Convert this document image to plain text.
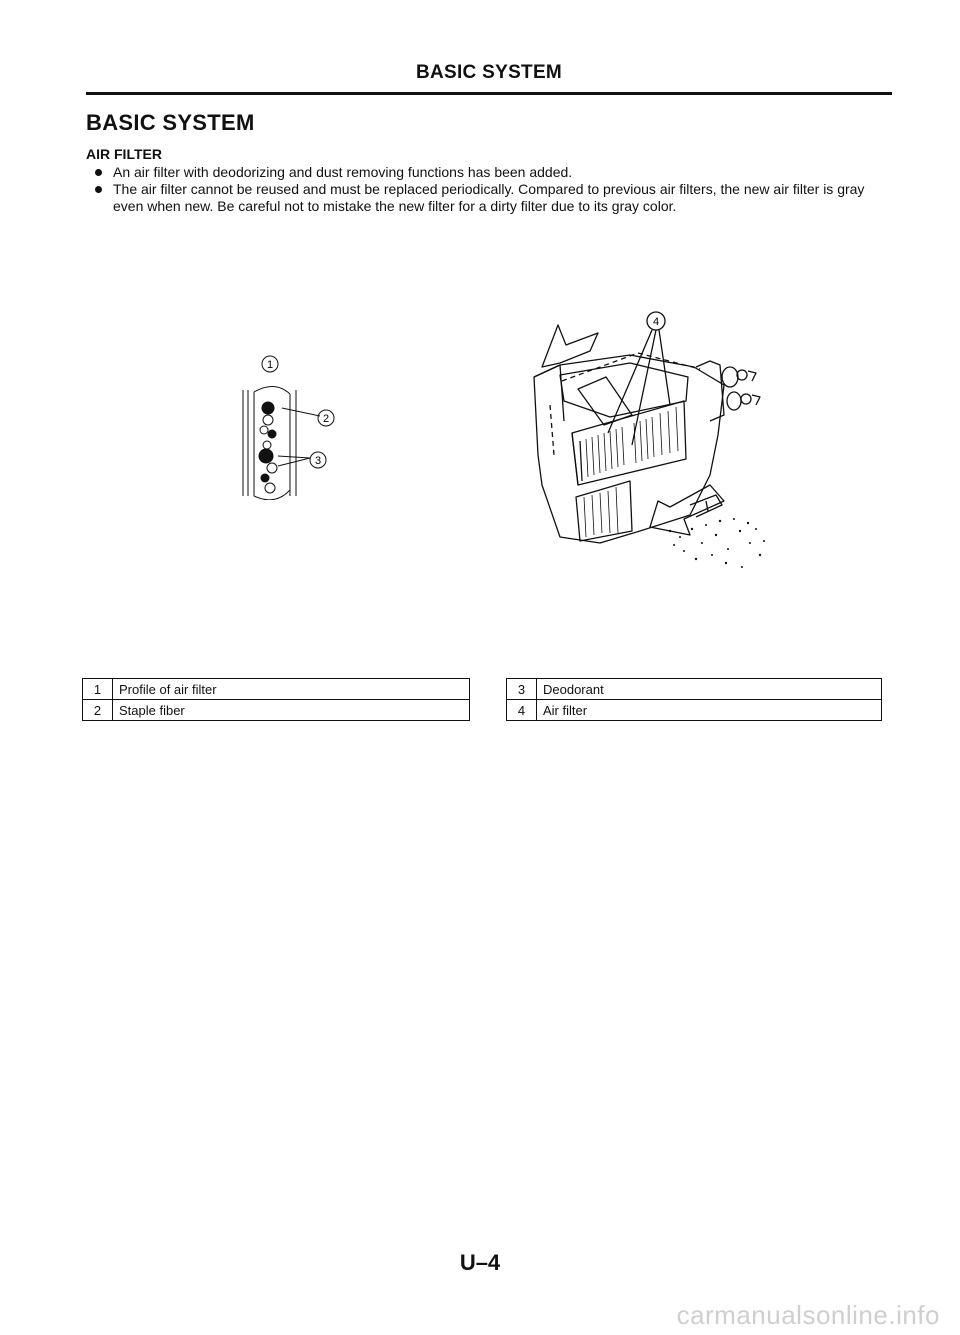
BASIC SYSTEM
BASIC SYSTEM
AIR FILTER
An air filter with deodorizing and dust removing functions has been added.
The air filter cannot be reused and must be replaced periodically. Compared to previous air filters, the new air filter is gray even when new. Be careful not to mistake the new filter for a dirty filter due to its gray color.
1
2
3
4
1	Profile of air filter
2	Staple fiber
3	Deodorant
4	Air filter
U–4
carmanualsonline.info
